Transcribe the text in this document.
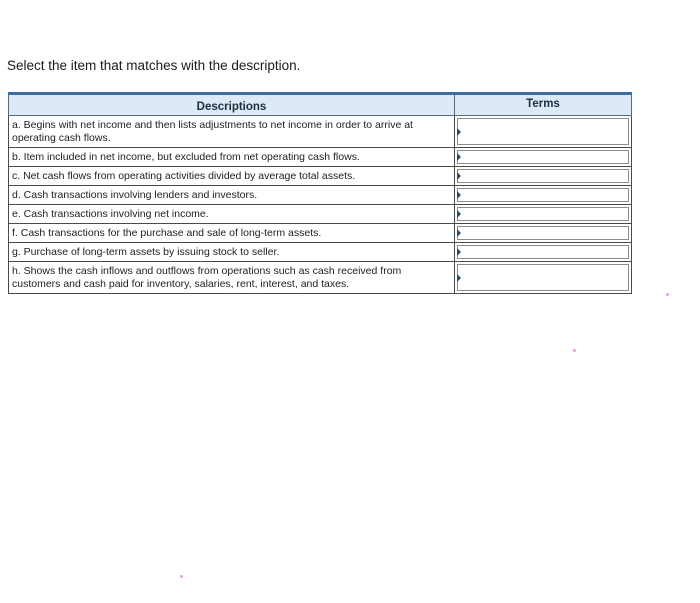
Select the item that matches with the description.
Descriptions	Terms
a. Begins with net income and then lists adjustments to net income in order to arrive at operating cash flows.	

b. Item included in net income, but excluded from net operating cash flows.	

c. Net cash flows from operating activities divided by average total assets.	

d. Cash transactions involving lenders and investors.	

e. Cash transactions involving net income.	

f. Cash transactions for the purchase and sale of long-term assets.	

g. Purchase of long-term assets by issuing stock to seller.	

h. Shows the cash inflows and outflows from operations such as cash received from customers and cash paid for inventory, salaries, rent, interest, and taxes.	
